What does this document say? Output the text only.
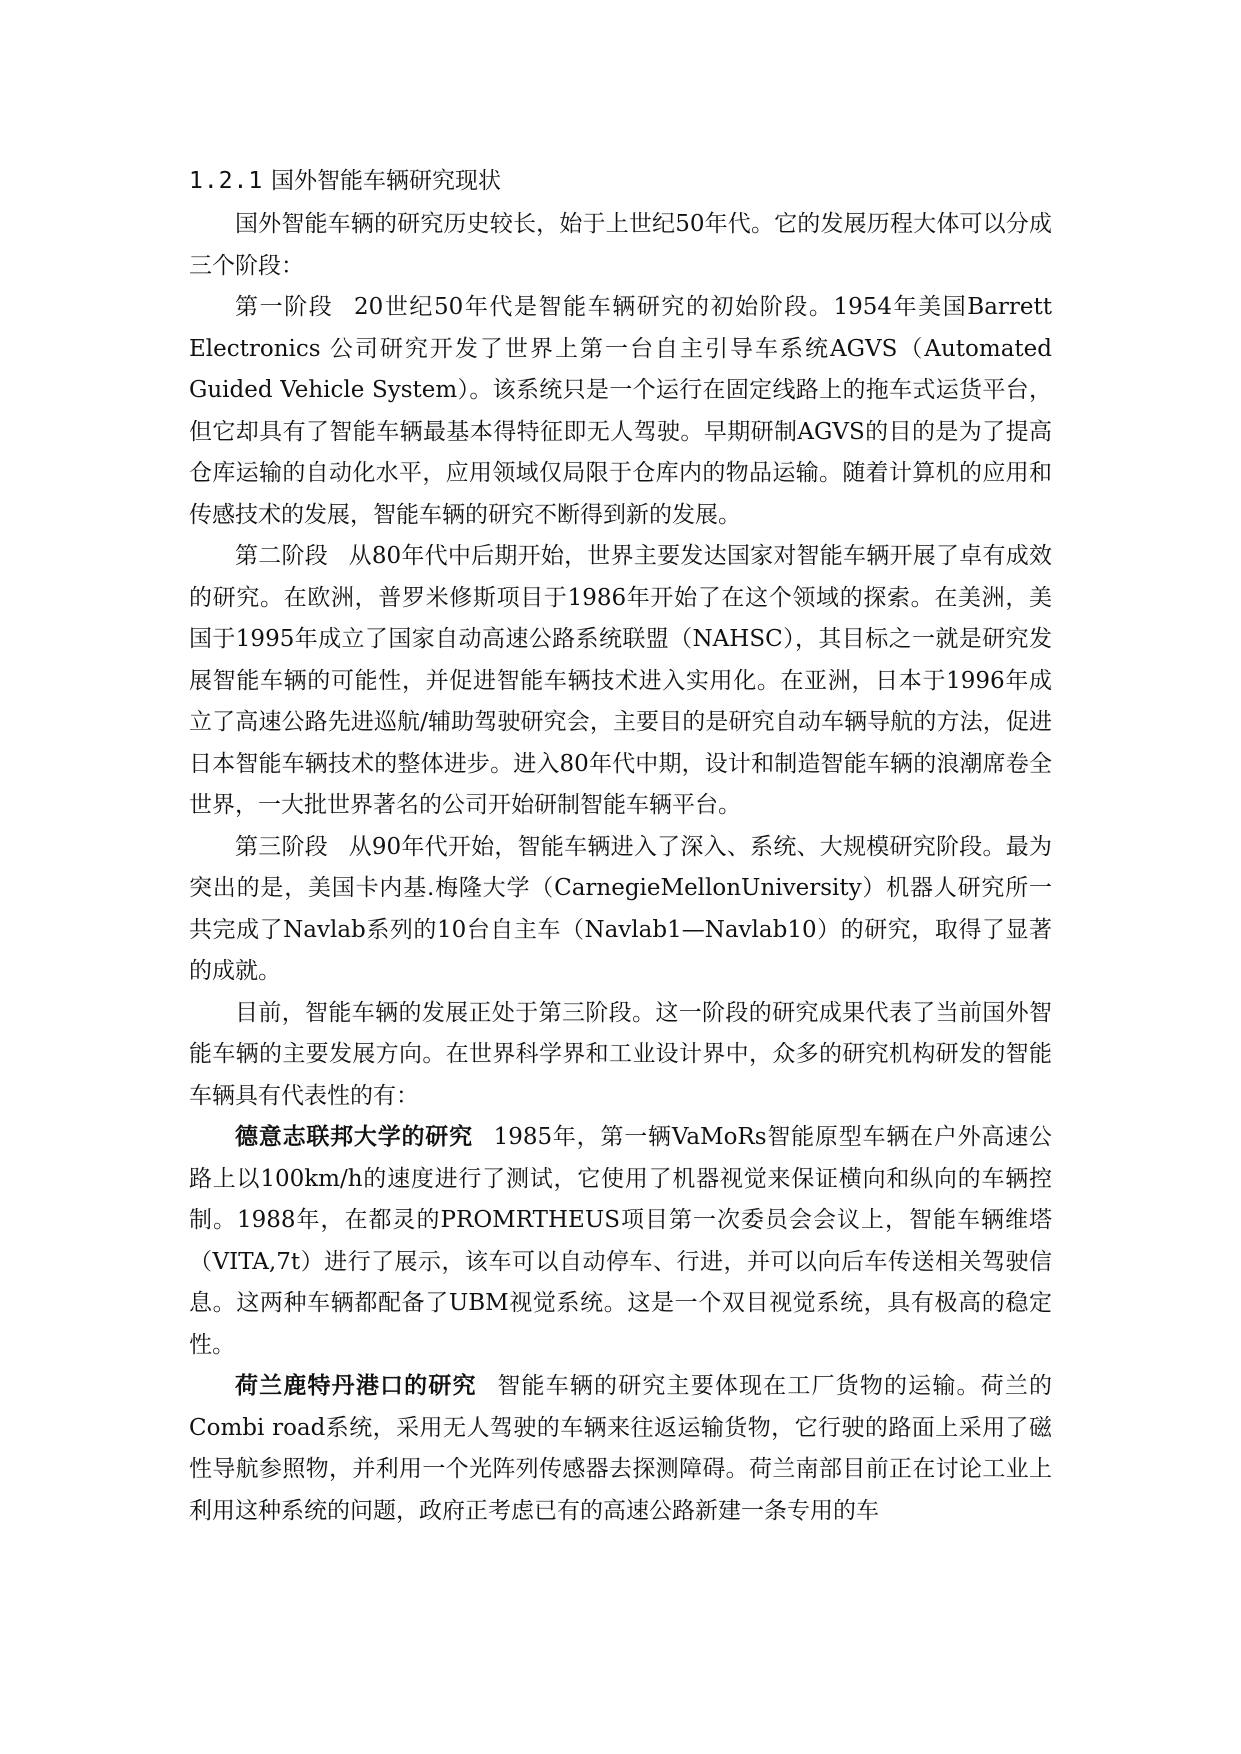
1.2.1 国外智能车辆研究现状

国外智能车辆的研究历史较长，始于上世纪50年代。它的发展历程大体可以分成三个阶段：

第一阶段 20世纪50年代是智能车辆研究的初始阶段。1954年美国Barrett Electronics 公司研究开发了世界上第一台自主引导车系统AGVS（Automated Guided Vehicle System）。该系统只是一个运行在固定线路上的拖车式运货平台，但它却具有了智能车辆最基本得特征即无人驾驶。早期研制AGVS的目的是为了提高仓库运输的自动化水平，应用领域仅局限于仓库内的物品运输。随着计算机的应用和传感技术的发展，智能车辆的研究不断得到新的发展。

第二阶段 从80年代中后期开始，世界主要发达国家对智能车辆开展了卓有成效的研究。在欧洲，普罗米修斯项目于1986年开始了在这个领域的探索。在美洲，美国于1995年成立了国家自动高速公路系统联盟（NAHSC），其目标之一就是研究发展智能车辆的可能性，并促进智能车辆技术进入实用化。在亚洲，日本于1996年成立了高速公路先进巡航/辅助驾驶研究会，主要目的是研究自动车辆导航的方法，促进日本智能车辆技术的整体进步。进入80年代中期，设计和制造智能车辆的浪潮席卷全世界，一大批世界著名的公司开始研制智能车辆平台。

第三阶段 从90年代开始，智能车辆进入了深入、系统、大规模研究阶段。最为突出的是，美国卡内基.梅隆大学（CarnegieMellonUniversity）机器人研究所一共完成了Navlab系列的10台自主车（Navlab1—Navlab10）的研究，取得了显著的成就。

目前，智能车辆的发展正处于第三阶段。这一阶段的研究成果代表了当前国外智能车辆的主要发展方向。在世界科学界和工业设计界中，众多的研究机构研发的智能车辆具有代表性的有：

德意志联邦大学的研究 1985年，第一辆VaMoRs智能原型车辆在户外高速公路上以100km/h的速度进行了测试，它使用了机器视觉来保证横向和纵向的车辆控制。1988年，在都灵的PROMRTHEUS项目第一次委员会会议上，智能车辆维塔（VITA,7t）进行了展示，该车可以自动停车、行进，并可以向后车传送相关驾驶信息。这两种车辆都配备了UBM视觉系统。这是一个双目视觉系统，具有极高的稳定性。

荷兰鹿特丹港口的研究 智能车辆的研究主要体现在工厂货物的运输。荷兰的Combi road系统，采用无人驾驶的车辆来往返运输货物，它行驶的路面上采用了磁性导航参照物，并利用一个光阵列传感器去探测障碍。荷兰南部目前正在讨论工业上利用这种系统的问题，政府正考虑已有的高速公路新建一条专用的车
